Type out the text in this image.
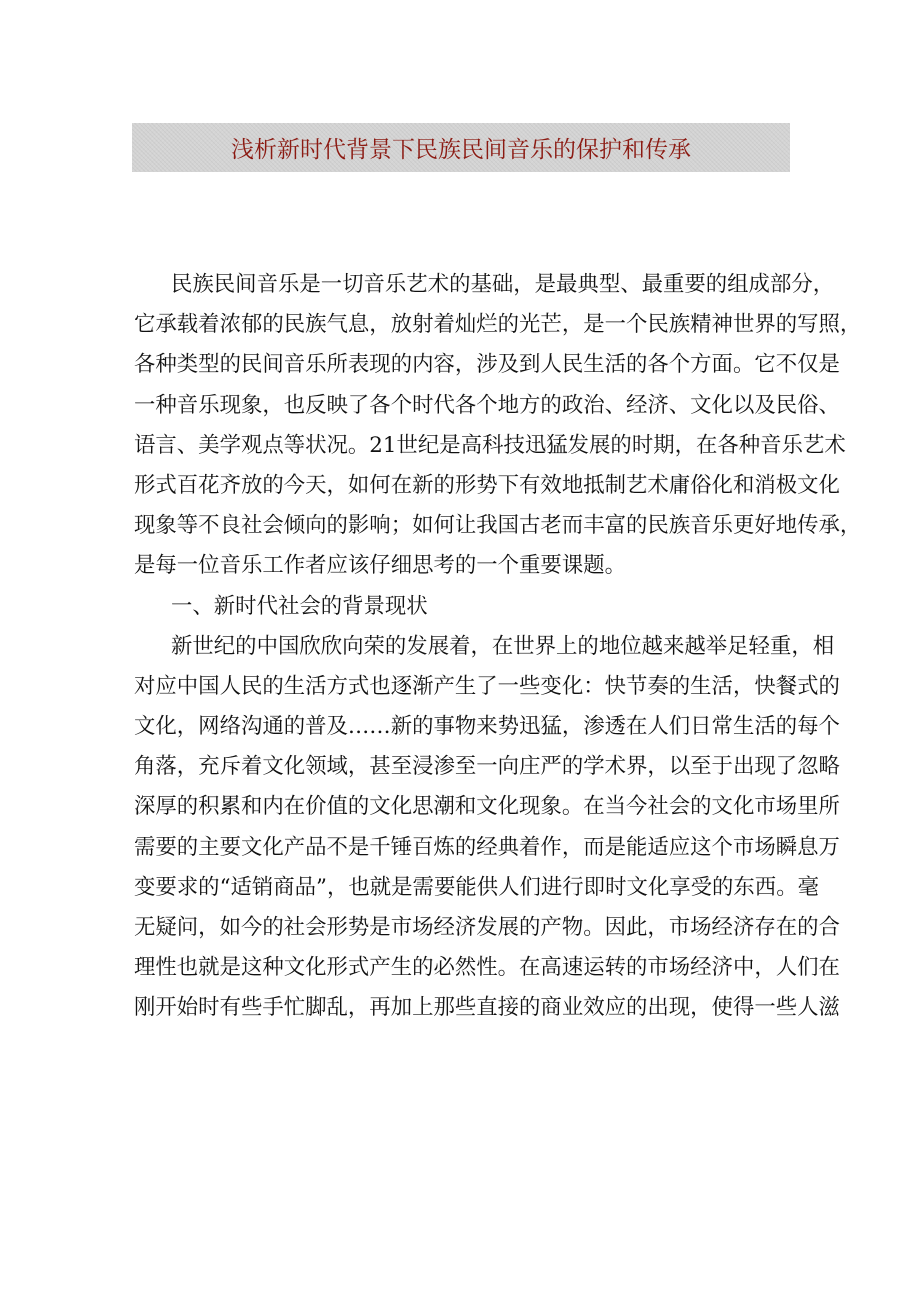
浅析新时代背景下民族民间音乐的保护和传承
民族民间音乐是一切音乐艺术的基础，是最典型、最重要的组成部分，
它承载着浓郁的民族气息，放射着灿烂的光芒，是一个民族精神世界的写照，
各种类型的民间音乐所表现的内容，涉及到人民生活的各个方面。它不仅是
一种音乐现象，也反映了各个时代各个地方的政治、经济、文化以及民俗、
语言、美学观点等状况。21世纪是高科技迅猛发展的时期，在各种音乐艺术
形式百花齐放的今天，如何在新的形势下有效地抵制艺术庸俗化和消极文化
现象等不良社会倾向的影响；如何让我国古老而丰富的民族音乐更好地传承，
是每一位音乐工作者应该仔细思考的一个重要课题。
一、新时代社会的背景现状
新世纪的中国欣欣向荣的发展着，在世界上的地位越来越举足轻重，相
对应中国人民的生活方式也逐渐产生了一些变化：快节奏的生活，快餐式的
文化，网络沟通的普及……新的事物来势迅猛，渗透在人们日常生活的每个
角落，充斥着文化领域，甚至浸渗至一向庄严的学术界，以至于出现了忽略
深厚的积累和内在价值的文化思潮和文化现象。在当今社会的文化市场里所
需要的主要文化产品不是千锤百炼的经典着作，而是能适应这个市场瞬息万
变要求的“适销商品”，也就是需要能供人们进行即时文化享受的东西。毫
无疑问，如今的社会形势是市场经济发展的产物。因此，市场经济存在的合
理性也就是这种文化形式产生的必然性。在高速运转的市场经济中，人们在
刚开始时有些手忙脚乱，再加上那些直接的商业效应的出现，使得一些人滋
